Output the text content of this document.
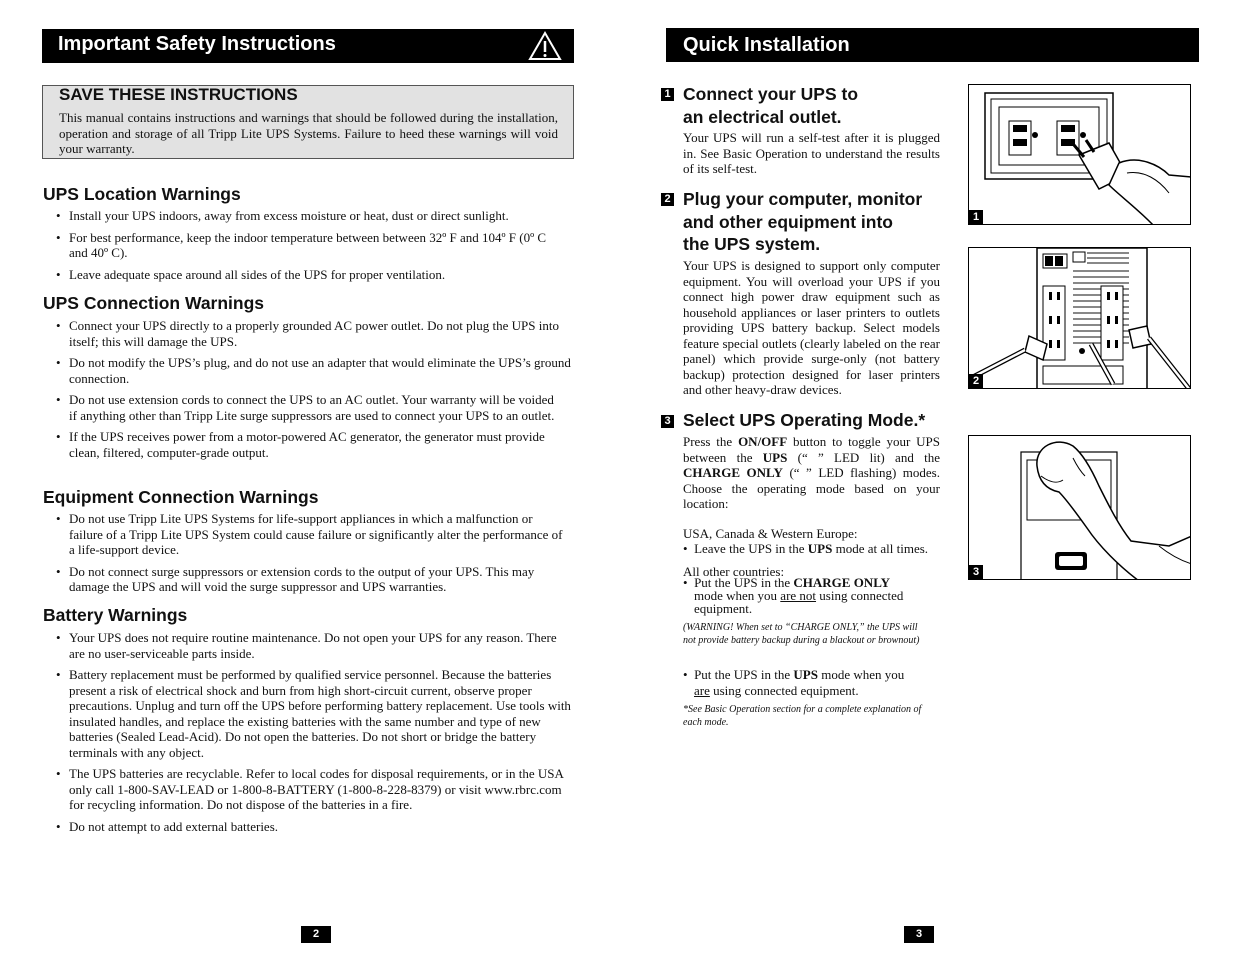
Important Safety Instructions
SAVE THESE INSTRUCTIONS

This manual contains instructions and warnings that should be followed during the installation, operation and storage of all Tripp Lite UPS Systems. Failure to heed these warnings will void your warranty.

UPS Location Warnings
• Install your UPS indoors, away from excess moisture or heat, dust or direct sunlight.
• For best performance, keep the indoor temperature between between 32º F and 104º F (0º C and 40º C).
• Leave adequate space around all sides of the UPS for proper ventilation.
UPS Connection Warnings
• Connect your UPS directly to a properly grounded AC power outlet. Do not plug the UPS into itself; this will damage the UPS.
• Do not modify the UPS’s plug, and do not use an adapter that would eliminate the UPS’s ground connection.
• Do not use extension cords to connect the UPS to an AC outlet. Your warranty will be voided if anything other than Tripp Lite surge suppressors are used to connect your UPS to an outlet.
• If the UPS receives power from a motor-powered AC generator, the generator must provide clean, filtered, computer-grade output.
Equipment Connection Warnings
• Do not use Tripp Lite UPS Systems for life-support appliances in which a malfunction or failure of a Tripp Lite UPS System could cause failure or significantly alter the performance of a life-support device.
• Do not connect surge suppressors or extension cords to the output of your UPS. This may damage the UPS and will void the surge suppressor and UPS warranties.
Battery Warnings
• Your UPS does not require routine maintenance. Do not open your UPS for any reason. There are no user-serviceable parts inside.
• Battery replacement must be performed by qualified service personnel. Because the batteries present a risk of electrical shock and burn from high short-circuit current, observe proper precautions. Unplug and turn off the UPS before performing battery replacement. Use tools with insulated handles, and replace the existing batteries with the same number and type of new batteries (Sealed Lead-Acid). Do not open the batteries. Do not short or bridge the battery terminals with any object.
• The UPS batteries are recyclable. Refer to local codes for disposal requirements, or in the USA only call 1-800-SAV-LEAD or 1-800-8-BATTERY (1-800-8-228-8379) or visit www.rbrc.com for recycling information. Do not dispose of the batteries in a fire.
• Do not attempt to add external batteries.
2
Quick Installation
1 Connect your UPS to
an electrical outlet.
Your UPS will run a self-test after it is plugged in. See Basic Operation to understand the results of its self-test.
2 Plug your computer, monitor
and other equipment into
the UPS system.
Your UPS is designed to support only computer equipment. You will overload your UPS if you connect high power draw equipment such as household appliances or laser printers to outlets providing UPS battery backup. Select models feature special outlets (clearly labeled on the rear panel) which provide surge-only (not battery backup) protection designed for laser printers and other heavy-draw devices.
3 Select UPS Operating Mode.*
Press the ON/OFF button to toggle your UPS between the UPS (“ ” LED lit) and the CHARGE ONLY (“ ” LED flashing) modes. Choose the operating mode based on your location:
USA, Canada & Western Europe:
•  Leave the UPS in the UPS mode at all times.
All other countries:
•  Put the UPS in the CHARGE ONLY
mode when you are not using connected equipment.
(WARNING! When set to “CHARGE ONLY,” the UPS will not provide battery backup during a blackout or brownout)
•  Put the UPS in the UPS mode when you
are using connected equipment.
*See Basic Operation section for a complete explanation of each mode.
1
2
3
3
